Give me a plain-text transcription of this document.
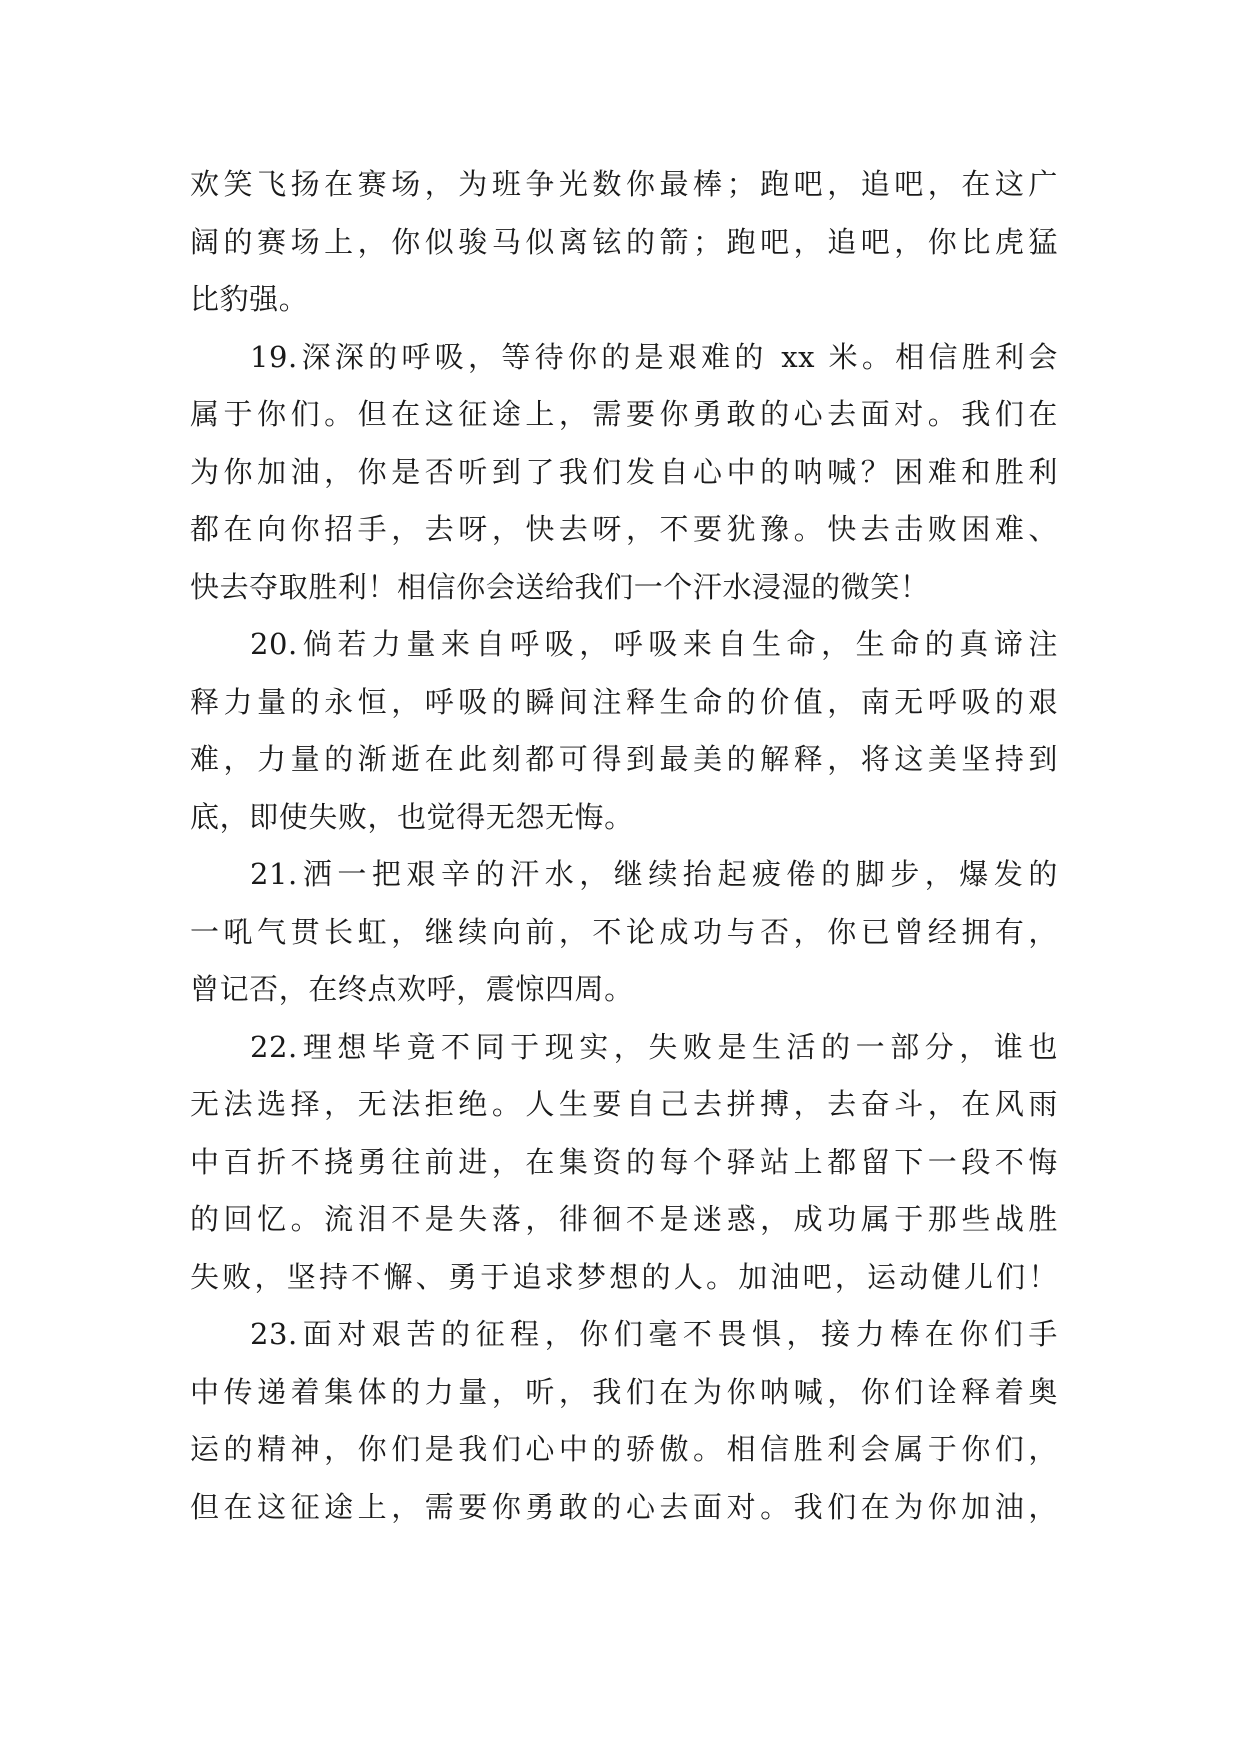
欢笑飞扬在赛场，为班争光数你最棒；跑吧，追吧，在这广
阔的赛场上，你似骏马似离铉的箭；跑吧，追吧，你比虎猛
比豹强。
19.深深的呼吸，等待你的是艰难的 xx 米。相信胜利会
属于你们。但在这征途上，需要你勇敢的心去面对。我们在
为你加油，你是否听到了我们发自心中的呐喊？困难和胜利
都在向你招手，去呀，快去呀，不要犹豫。快去击败困难、
快去夺取胜利！相信你会送给我们一个汗水浸湿的微笑！
20.倘若力量来自呼吸，呼吸来自生命，生命的真谛注
释力量的永恒，呼吸的瞬间注释生命的价值，南无呼吸的艰
难，力量的渐逝在此刻都可得到最美的解释，将这美坚持到
底，即使失败，也觉得无怨无悔。
21.洒一把艰辛的汗水，继续抬起疲倦的脚步，爆发的
一吼气贯长虹，继续向前，不论成功与否，你已曾经拥有，
曾记否，在终点欢呼，震惊四周。
22.理想毕竟不同于现实，失败是生活的一部分，谁也
无法选择，无法拒绝。人生要自己去拼搏，去奋斗，在风雨
中百折不挠勇往前进，在集资的每个驿站上都留下一段不悔
的回忆。流泪不是失落，徘徊不是迷惑，成功属于那些战胜
失败，坚持不懈、勇于追求梦想的人。加油吧，运动健儿们！
23.面对艰苦的征程，你们毫不畏惧，接力棒在你们手
中传递着集体的力量，听，我们在为你呐喊，你们诠释着奥
运的精神，你们是我们心中的骄傲。相信胜利会属于你们，
但在这征途上，需要你勇敢的心去面对。我们在为你加油，
